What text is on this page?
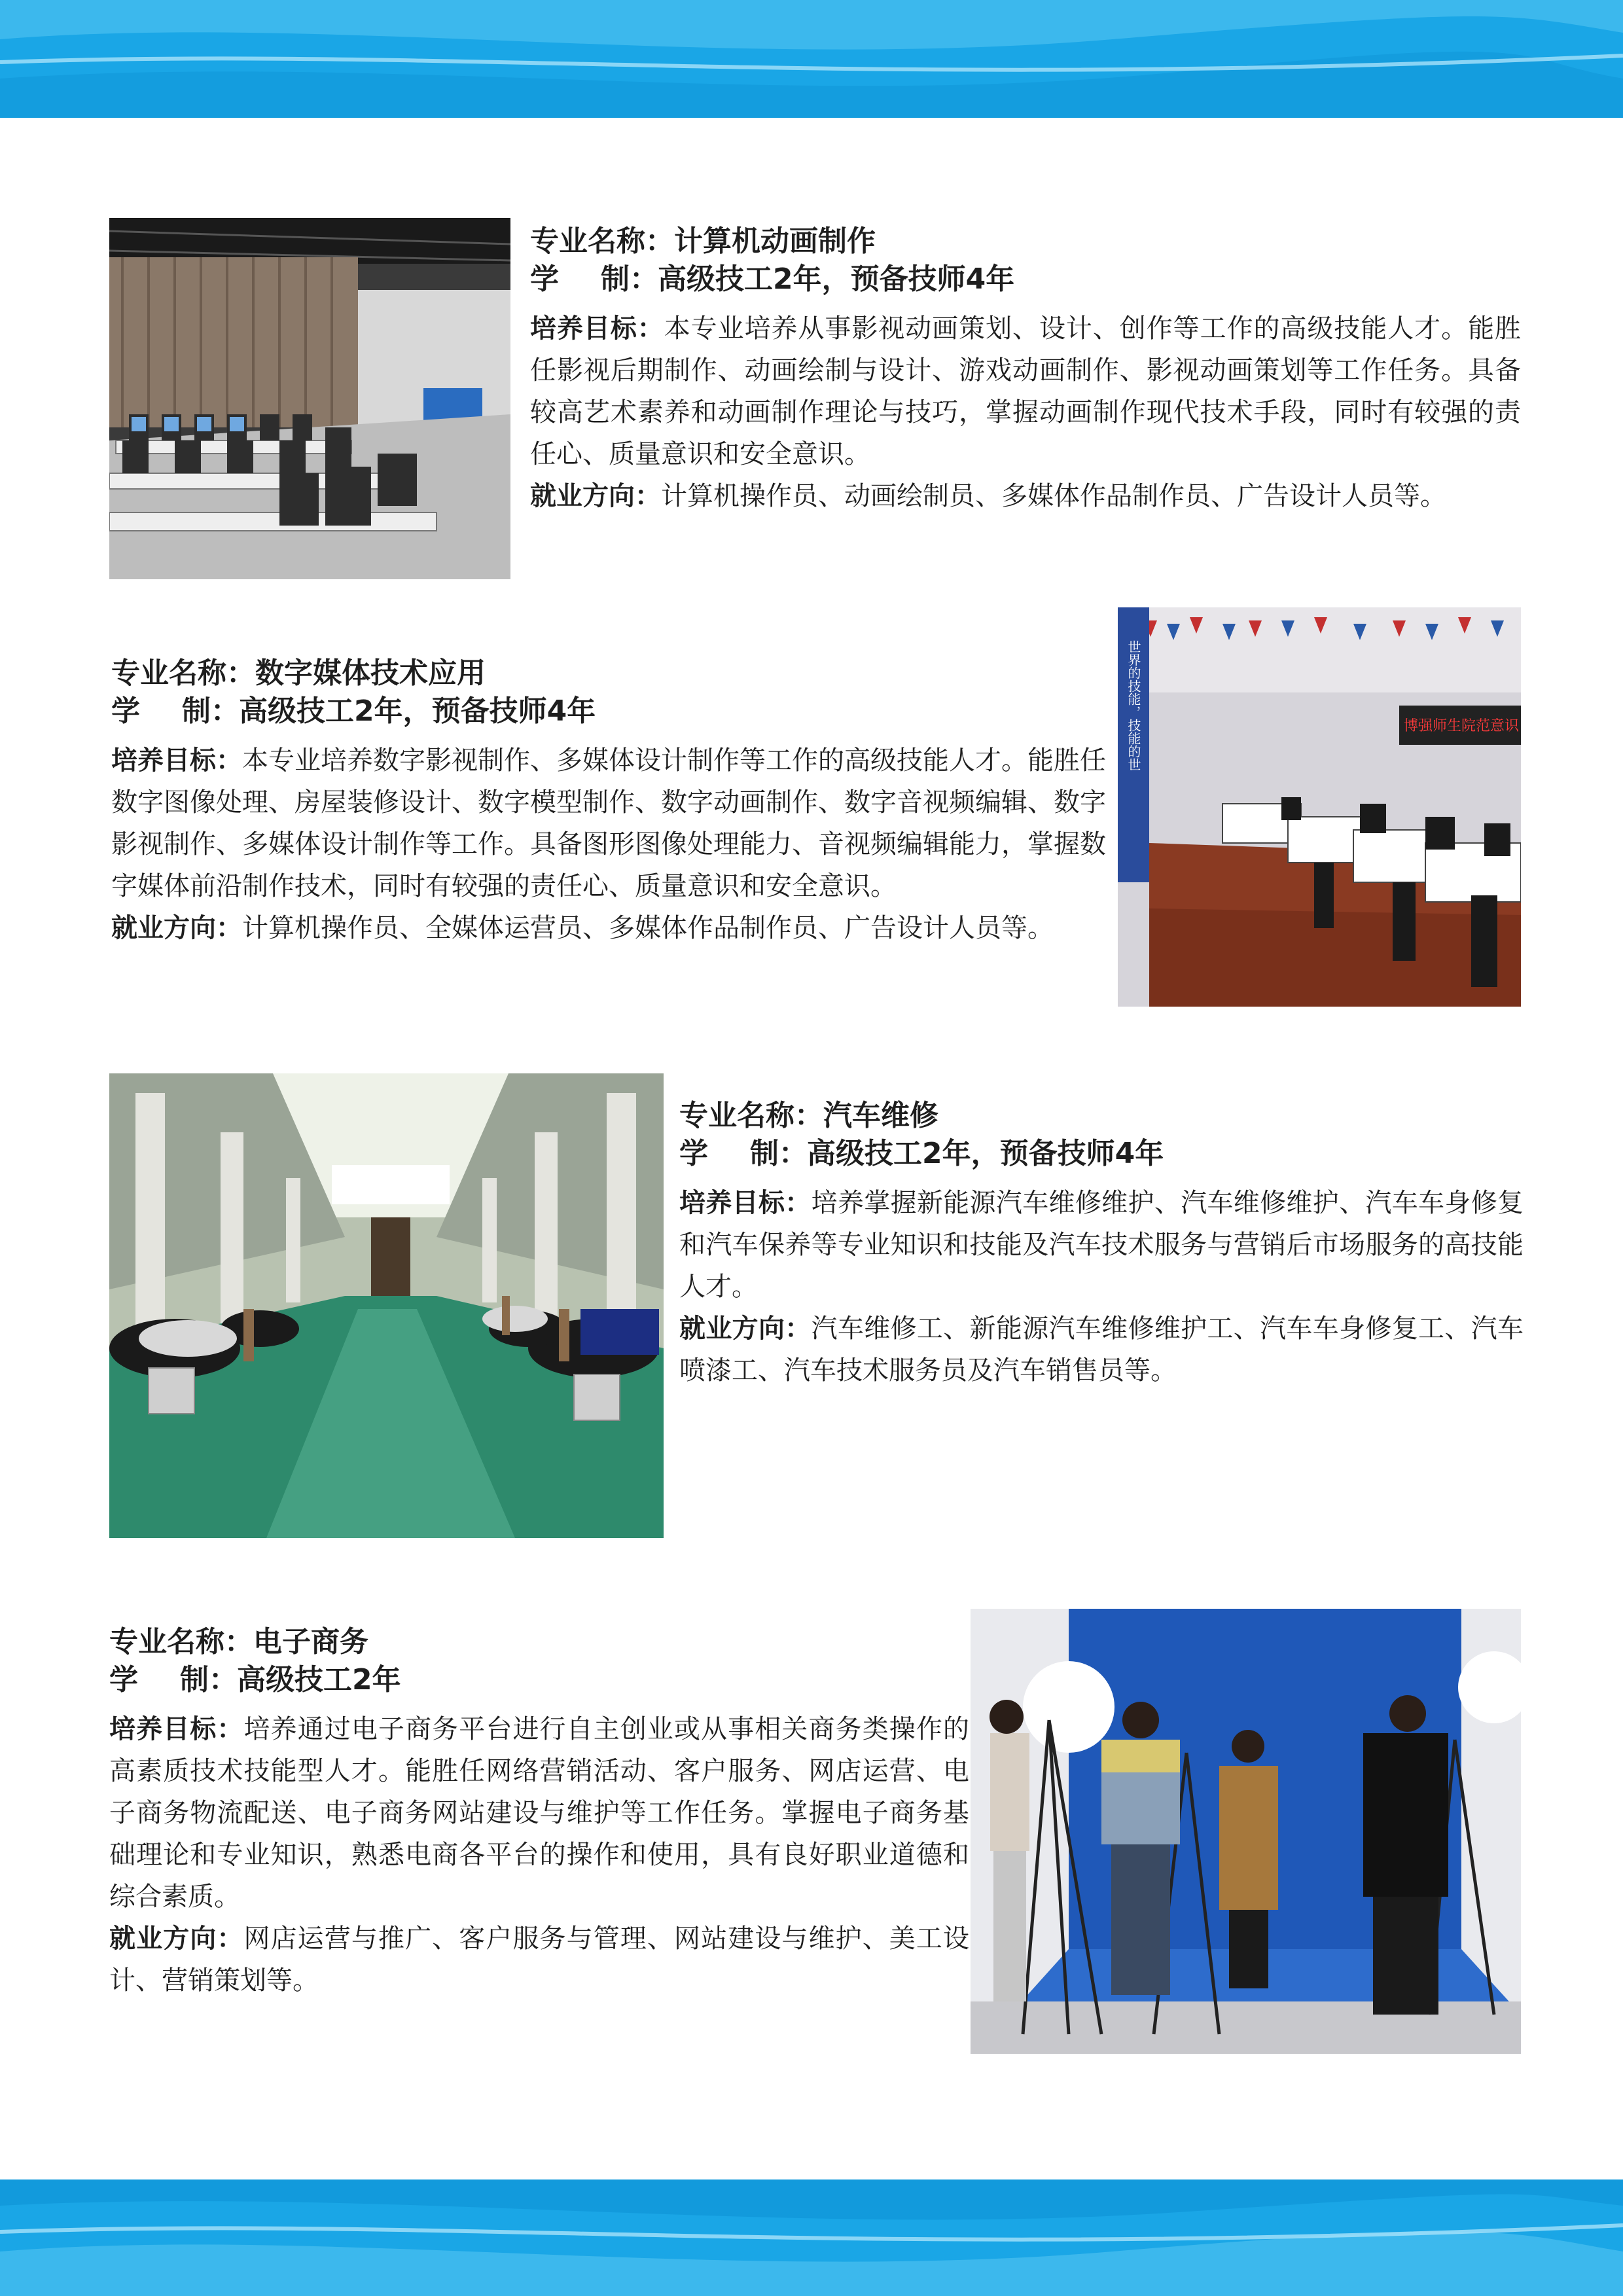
专业名称：计算机动画制作
学 制：高级技工2年，预备技师4年

培养目标：本专业培养从事影视动画策划、设计、创作等工作的高级技能人才。能胜任影视后期制作、动画绘制与设计、游戏动画制作、影视动画策划等工作任务。具备较高艺术素养和动画制作理论与技巧，掌握动画制作现代技术手段，同时有较强的责任心、质量意识和安全意识。

就业方向：计算机操作员、动画绘制员、多媒体作品制作员、广告设计人员等。

专业名称：数字媒体技术应用
学 制：高级技工2年，预备技师4年

培养目标：本专业培养数字影视制作、多媒体设计制作等工作的高级技能人才。能胜任数字图像处理、房屋装修设计、数字模型制作、数字动画制作、数字音视频编辑、数字影视制作、多媒体设计制作等工作。具备图形图像处理能力、音视频编辑能力，掌握数字媒体前沿制作技术，同时有较强的责任心、质量意识和安全意识。

就业方向：计算机操作员、全媒体运营员、多媒体作品制作员、广告设计人员等。

世界的技能，技能的世	博强师生院范意识
专业名称：汽车维修
学 制：高级技工2年，预备技师4年

培养目标：培养掌握新能源汽车维修维护、汽车维修维护、汽车车身修复和汽车保养等专业知识和技能及汽车技术服务与营销后市场服务的高技能人才。

就业方向：汽车维修工、新能源汽车维修维护工、汽车车身修复工、汽车喷漆工、汽车技术服务员及汽车销售员等。

专业名称：电子商务
学 制：高级技工2年

培养目标：培养通过电子商务平台进行自主创业或从事相关商务类操作的高素质技术技能型人才。能胜任网络营销活动、客户服务、网店运营、电子商务物流配送、电子商务网站建设与维护等工作任务。掌握电子商务基础理论和专业知识，熟悉电商各平台的操作和使用，具有良好职业道德和综合素质。

就业方向：网店运营与推广、客户服务与管理、网站建设与维护、美工设计、营销策划等。
